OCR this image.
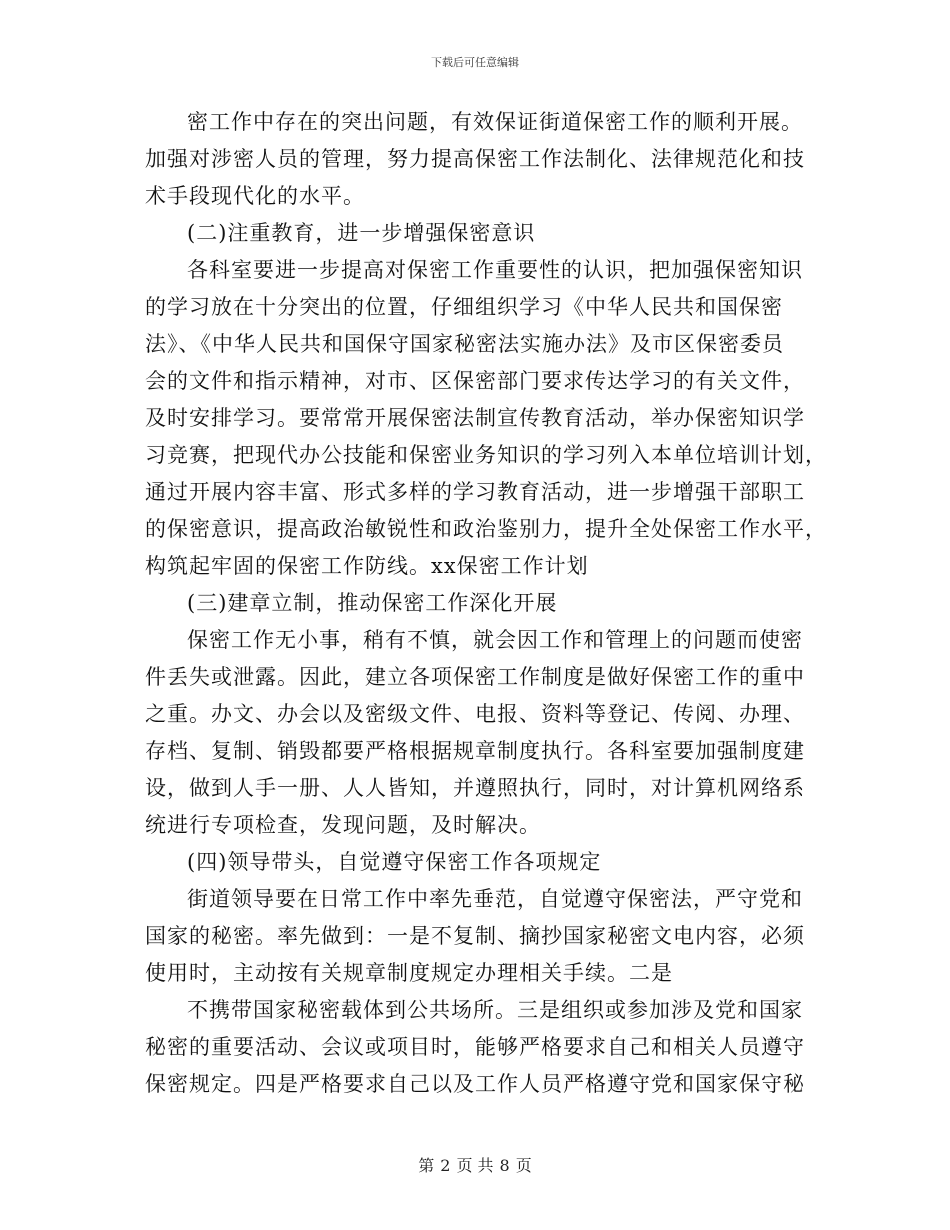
下载后可任意编辑
密工作中存在的突出问题，有效保证街道保密工作的顺利开展。
加强对涉密人员的管理，努力提高保密工作法制化、法律规范化和技
术手段现代化的水平。
(二)注重教育，进一步增强保密意识
各科室要进一步提高对保密工作重要性的认识，把加强保密知识
的学习放在十分突出的位置，仔细组织学习《中华人民共和国保密
法》、《中华人民共和国保守国家秘密法实施办法》及市区保密委员
会的文件和指示精神，对市、区保密部门要求传达学习的有关文件，
及时安排学习。要常常开展保密法制宣传教育活动，举办保密知识学
习竞赛，把现代办公技能和保密业务知识的学习列入本单位培训计划，
通过开展内容丰富、形式多样的学习教育活动，进一步增强干部职工
的保密意识，提高政治敏锐性和政治鉴别力，提升全处保密工作水平，
构筑起牢固的保密工作防线。xx保密工作计划
(三)建章立制，推动保密工作深化开展
保密工作无小事，稍有不慎，就会因工作和管理上的问题而使密
件丢失或泄露。因此，建立各项保密工作制度是做好保密工作的重中
之重。办文、办会以及密级文件、电报、资料等登记、传阅、办理、
存档、复制、销毁都要严格根据规章制度执行。各科室要加强制度建
设，做到人手一册、人人皆知，并遵照执行，同时，对计算机网络系
统进行专项检查，发现问题，及时解决。
(四)领导带头，自觉遵守保密工作各项规定
街道领导要在日常工作中率先垂范，自觉遵守保密法，严守党和
国家的秘密。率先做到：一是不复制、摘抄国家秘密文电内容，必须
使用时，主动按有关规章制度规定办理相关手续。二是
不携带国家秘密载体到公共场所。三是组织或参加涉及党和国家
秘密的重要活动、会议或项目时，能够严格要求自己和相关人员遵守
保密规定。四是严格要求自己以及工作人员严格遵守党和国家保守秘
第 2 页 共 8 页
